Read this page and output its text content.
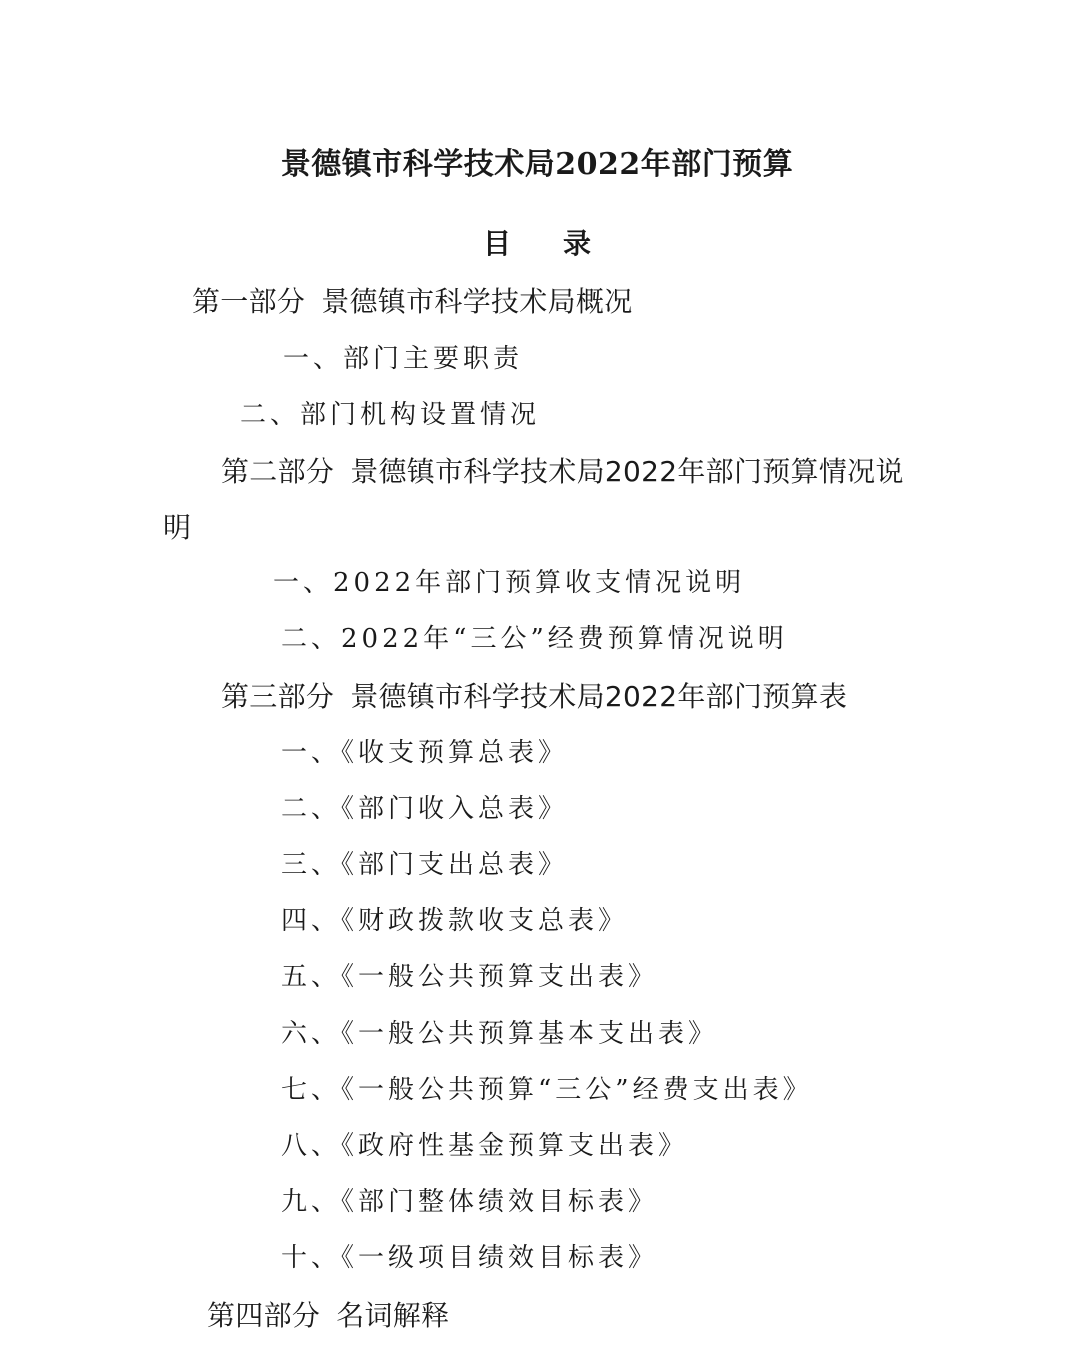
景德镇市科学技术局2022年部门预算
目 录
第一部分 景德镇市科学技术局概况
一、部门主要职责
二、部门机构设置情况
第二部分 景德镇市科学技术局2022年部门预算情况说
明
一、2022年部门预算收支情况说明
二、2022年“三公”经费预算情况说明
第三部分 景德镇市科学技术局2022年部门预算表
一、《收支预算总表》
二、《部门收入总表》
三、《部门支出总表》
四、《财政拨款收支总表》
五、《一般公共预算支出表》
六、《一般公共预算基本支出表》
七、《一般公共预算“三公”经费支出表》
八、《政府性基金预算支出表》
九、《部门整体绩效目标表》
十、《一级项目绩效目标表》
第四部分 名词解释
